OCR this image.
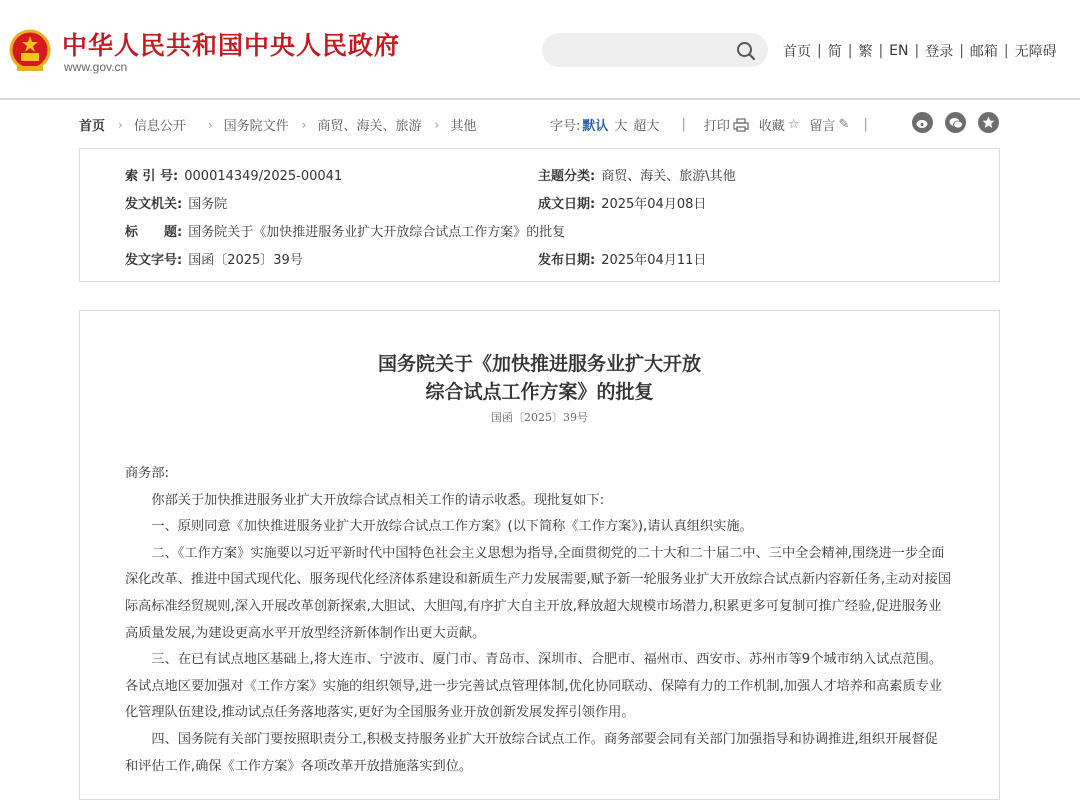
中华人民共和国中央人民政府
www.gov.cn
首页 | 简 | 繁 | EN | 登录 | 邮箱 | 无障碍
首页 › 信息公开 › 国务院文件 › 商贸、海关、旅游 › 其他	字号: 默认 大 超大 | 打印 收藏 ☆ 留言 ✎ |
索 引 号: 000014349/2025-00041	主题分类: 商贸、海关、旅游\其他
发文机关: 国务院	成文日期: 2025年04月08日
标　　题: 国务院关于《加快推进服务业扩大开放综合试点工作方案》的批复
发文字号: 国函〔2025〕39号	发布日期: 2025年04月11日
国务院关于《加快推进服务业扩大开放
综合试点工作方案》的批复
国函〔2025〕39号

商务部:

你部关于加快推进服务业扩大开放综合试点相关工作的请示收悉。现批复如下:

一、原则同意《加快推进服务业扩大开放综合试点工作方案》(以下简称《工作方案》),请认真组织实施。

二、《工作方案》实施要以习近平新时代中国特色社会主义思想为指导,全面贯彻党的二十大和二十届二中、三中全会精神,围绕进一步全面深化改革、推进中国式现代化、服务现代化经济体系建设和新质生产力发展需要,赋予新一轮服务业扩大开放综合试点新内容新任务,主动对接国际高标准经贸规则,深入开展改革创新探索,大胆试、大胆闯,有序扩大自主开放,释放超大规模市场潜力,积累更多可复制可推广经验,促进服务业高质量发展,为建设更高水平开放型经济新体制作出更大贡献。

三、在已有试点地区基础上,将大连市、宁波市、厦门市、青岛市、深圳市、合肥市、福州市、西安市、苏州市等9个城市纳入试点范围。各试点地区要加强对《工作方案》实施的组织领导,进一步完善试点管理体制,优化协同联动、保障有力的工作机制,加强人才培养和高素质专业化管理队伍建设,推动试点任务落地落实,更好为全国服务业开放创新发展发挥引领作用。

四、国务院有关部门要按照职责分工,积极支持服务业扩大开放综合试点工作。商务部要会同有关部门加强指导和协调推进,组织开展督促和评估工作,确保《工作方案》各项改革开放措施落实到位。
